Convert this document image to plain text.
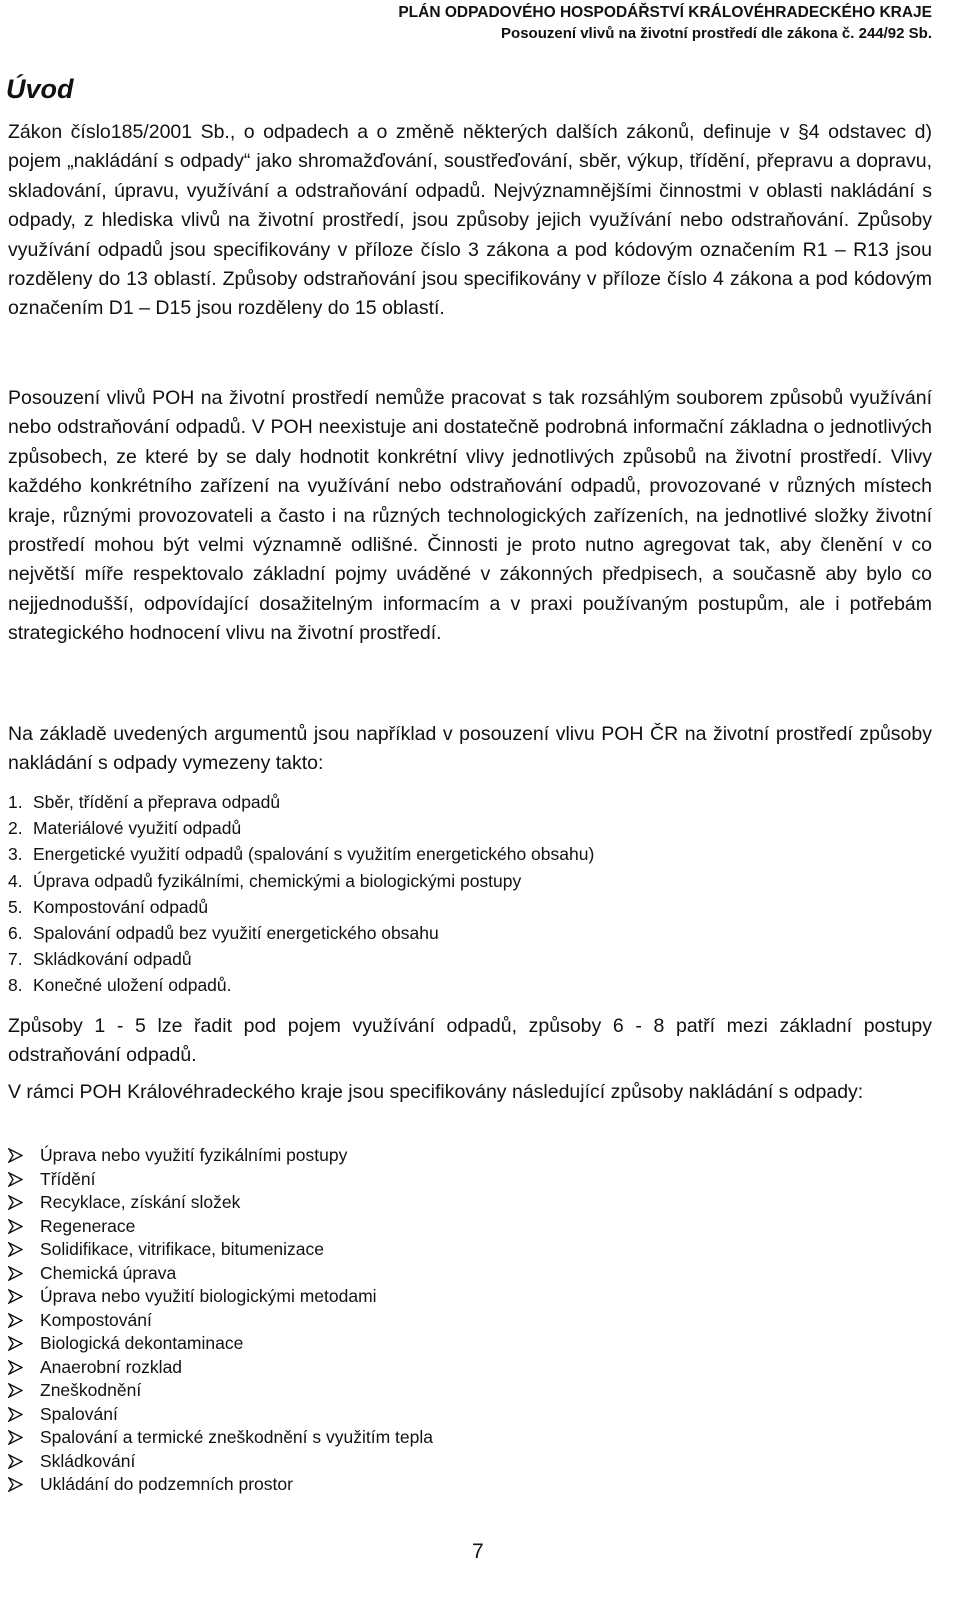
PLÁN ODPADOVÉHO HOSPODÁŘSTVÍ KRÁLOVÉHRADECKÉHO KRAJE
Posouzení vlivů na životní prostředí dle zákona č. 244/92 Sb.
Úvod

Zákon číslo185/2001 Sb., o odpadech a o změně některých dalších zákonů, definuje v §4 odstavec d) pojem „nakládání s odpady“ jako shromažďování, soustřeďování, sběr, výkup, třídění, přepravu a dopravu, skladování, úpravu, využívání a odstraňování odpadů. Nejvýznamnějšími činnostmi v oblasti nakládání s odpady, z hlediska vlivů na životní prostředí, jsou způsoby jejich využívání nebo odstraňování. Způsoby využívání odpadů jsou specifikovány v příloze číslo 3 zákona a pod kódovým označením R1 – R13 jsou rozděleny do 13 oblastí. Způsoby odstraňování jsou specifikovány v příloze číslo 4 zákona a pod kódovým označením D1 – D15 jsou rozděleny do 15 oblastí.

Posouzení vlivů POH na životní prostředí nemůže pracovat s tak rozsáhlým souborem způsobů využívání nebo odstraňování odpadů. V POH neexistuje ani dostatečně podrobná informační základna o jednotlivých způsobech, ze které by se daly hodnotit konkrétní vlivy jednotlivých způsobů na životní prostředí. Vlivy každého konkrétního zařízení na využívání nebo odstraňování odpadů, provozované v různých místech kraje, různými provozovateli a často i na různých technologických zařízeních, na jednotlivé složky životní prostředí mohou být velmi významně odlišné. Činnosti je proto nutno agregovat tak, aby členění v co největší míře respektovalo základní pojmy uváděné v zákonných předpisech, a současně aby bylo co nejjednodušší, odpovídající dosažitelným informacím a v praxi používaným postupům, ale i potřebám strategického hodnocení vlivu na životní prostředí.

Na základě uvedených argumentů jsou například v posouzení vlivu POH ČR na životní prostředí způsoby nakládání s odpady vymezeny takto:

1. Sběr, třídění a přeprava odpadů
2. Materiálové využití odpadů
3. Energetické využití odpadů (spalování s využitím energetického obsahu)
4. Úprava odpadů fyzikálními, chemickými a biologickými postupy
5. Kompostování odpadů
6. Spalování odpadů bez využití energetického obsahu
7. Skládkování odpadů
8. Konečné uložení odpadů.

Způsoby 1 - 5 lze řadit pod pojem využívání odpadů, způsoby 6 - 8 patří mezi základní postupy odstraňování odpadů.

V rámci POH Královéhradeckého kraje jsou specifikovány následující způsoby nakládání s odpady:

Úprava nebo využití fyzikálními postupy
Třídění
Recyklace, získání složek
Regenerace
Solidifikace, vitrifikace, bitumenizace
Chemická úprava
Úprava nebo využití biologickými metodami
Kompostování
Biologická dekontaminace
Anaerobní rozklad
Zneškodnění
Spalování
Spalování a termické zneškodnění s využitím tepla
Skládkování
Ukládání do podzemních prostor
7
